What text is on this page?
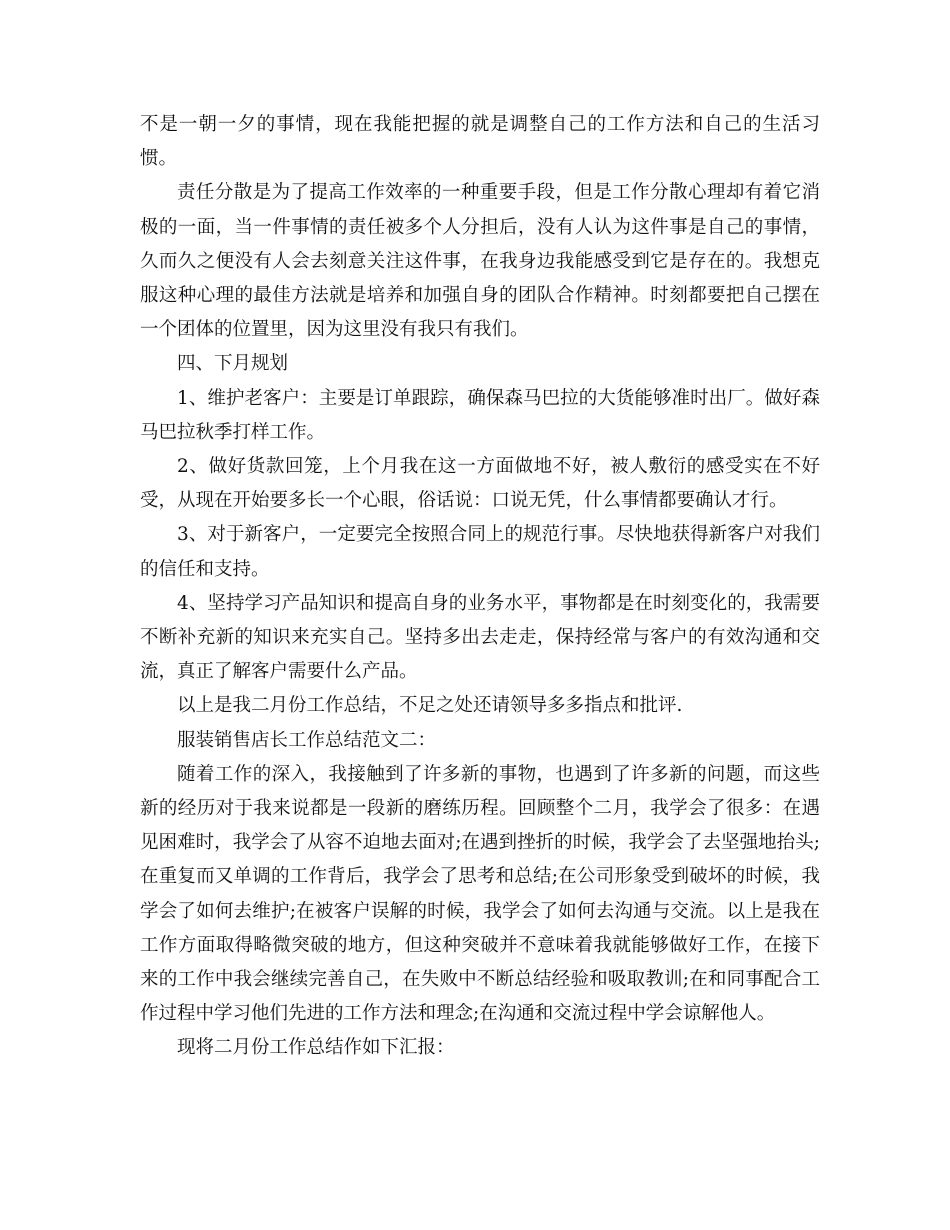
不是一朝一夕的事情，现在我能把握的就是调整自己的工作方法和自己的生活习惯。

责任分散是为了提高工作效率的一种重要手段，但是工作分散心理却有着它消极的一面，当一件事情的责任被多个人分担后，没有人认为这件事是自己的事情，久而久之便没有人会去刻意关注这件事，在我身边我能感受到它是存在的。我想克服这种心理的最佳方法就是培养和加强自身的团队合作精神。时刻都要把自己摆在一个团体的位置里，因为这里没有我只有我们。

四、下月规划

1、维护老客户：主要是订单跟踪，确保森马巴拉的大货能够准时出厂。做好森马巴拉秋季打样工作。

2、做好货款回笼，上个月我在这一方面做地不好，被人敷衍的感受实在不好受，从现在开始要多长一个心眼，俗话说：口说无凭，什么事情都要确认才行。

3、对于新客户，一定要完全按照合同上的规范行事。尽快地获得新客户对我们的信任和支持。

4、坚持学习产品知识和提高自身的业务水平，事物都是在时刻变化的，我需要不断补充新的知识来充实自己。坚持多出去走走，保持经常与客户的有效沟通和交流，真正了解客户需要什么产品。

以上是我二月份工作总结，不足之处还请领导多多指点和批评.

服装销售店长工作总结范文二：

随着工作的深入，我接触到了许多新的事物，也遇到了许多新的问题，而这些新的经历对于我来说都是一段新的磨练历程。回顾整个二月，我学会了很多：在遇见困难时，我学会了从容不迫地去面对;在遇到挫折的时候，我学会了去坚强地抬头;在重复而又单调的工作背后，我学会了思考和总结;在公司形象受到破坏的时候，我学会了如何去维护;在被客户误解的时候，我学会了如何去沟通与交流。以上是我在工作方面取得略微突破的地方，但这种突破并不意味着我就能够做好工作，在接下来的工作中我会继续完善自己，在失败中不断总结经验和吸取教训;在和同事配合工作过程中学习他们先进的工作方法和理念;在沟通和交流过程中学会谅解他人。

现将二月份工作总结作如下汇报：
